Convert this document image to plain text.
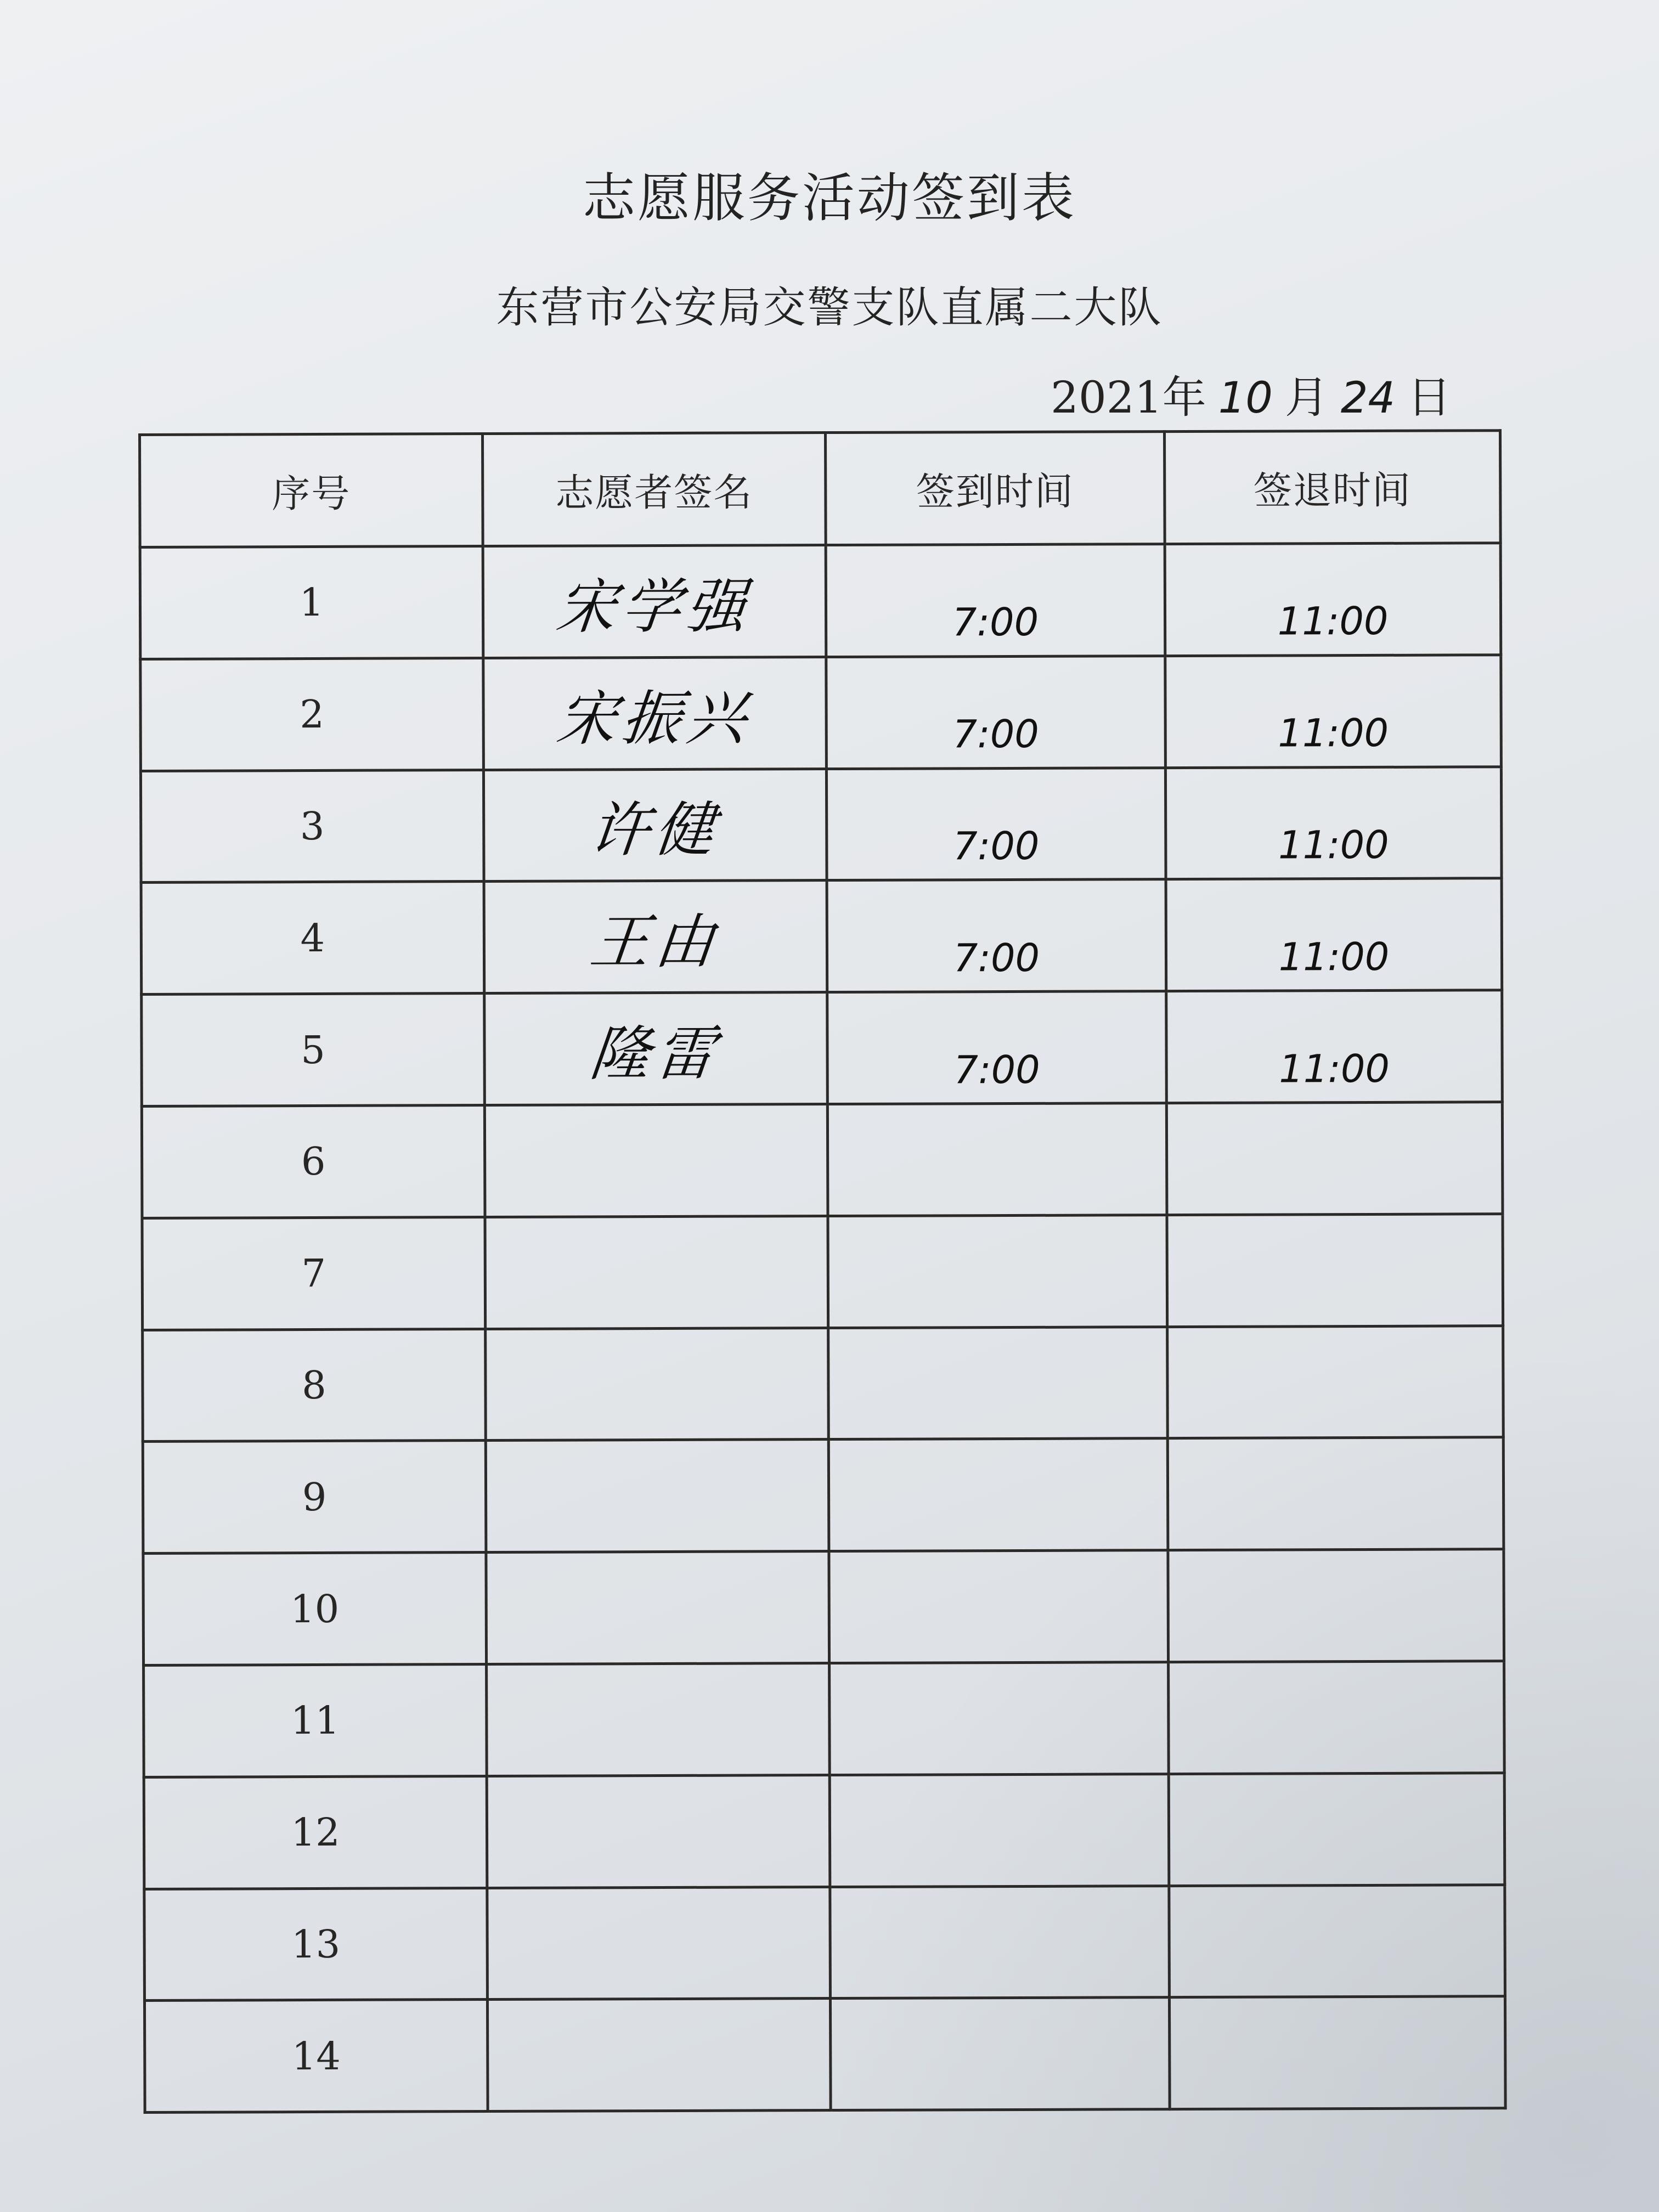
志愿服务活动签到表
东营市公安局交警支队直属二大队
2021年 10 月 24 日
序号	志愿者签名	签到时间	签退时间
1	宋学强	7:00	11:00
2	宋振兴	7:00	11:00
3	许健	7:00	11:00
4	王由	7:00	11:00
5	隆雷	7:00	11:00
6			
7			
8			
9			
10			
11			
12			
13			
14			
